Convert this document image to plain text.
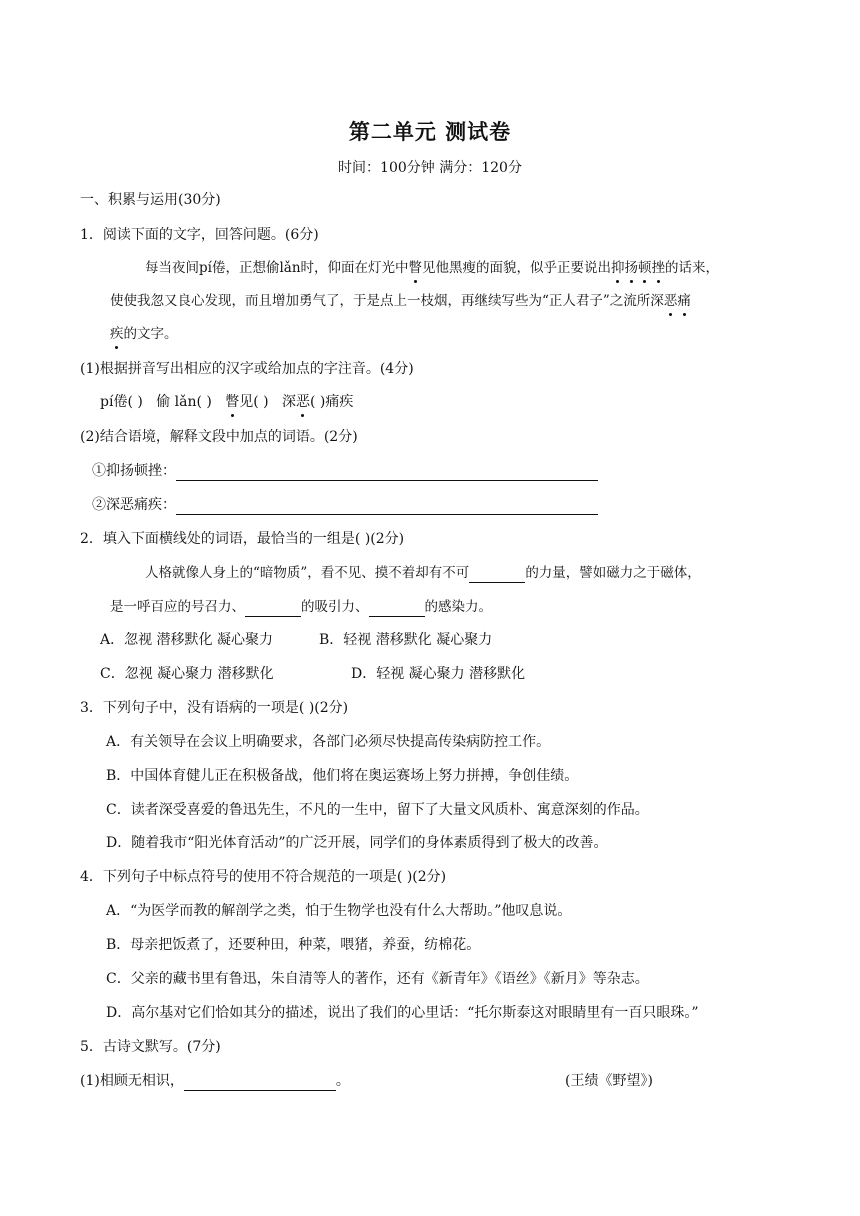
第二单元 测试卷
时间：100分钟 满分：120分
一、积累与运用(30分)
1．阅读下面的文字，回答问题。(6分)
每当夜间pí倦，正想偷lǎn时，仰面在灯光中瞥见他黑瘦的面貌，似乎正要说出抑扬顿挫的话来，
使使我忽又良心发现，而且增加勇气了，于是点上一枝烟，再继续写些为“正人君子”之流所深恶痛
疾的文字。
(1)根据拼音写出相应的汉字或给加点的字注音。(4分)
pí倦( ) 偷 lǎn( ) 瞥见( ) 深恶( )痛疾
(2)结合语境，解释文段中加点的词语。(2分)
①抑扬顿挫：
②深恶痛疾：
2．填入下面横线处的词语，最恰当的一组是( )(2分)
人格就像人身上的“暗物质”，看不见、摸不着却有不可	的力量，譬如磁力之于磁体，
是一呼百应的号召力、	的吸引力、	的感染力。
A．忽视 潜移默化 凝心聚力	B．轻视 潜移默化 凝心聚力
C．忽视 凝心聚力 潜移默化	D．轻视 凝心聚力 潜移默化
3．下列句子中，没有语病的一项是( )(2分)
A．有关领导在会议上明确要求，各部门必须尽快提高传染病防控工作。
B．中国体育健儿正在积极备战，他们将在奥运赛场上努力拼搏，争创佳绩。
C．读者深受喜爱的鲁迅先生，不凡的一生中，留下了大量文风质朴、寓意深刻的作品。
D．随着我市“阳光体育活动”的广泛开展，同学们的身体素质得到了极大的改善。
4．下列句子中标点符号的使用不符合规范的一项是( )(2分)
A．“为医学而教的解剖学之类，怕于生物学也没有什么大帮助。”他叹息说。
B．母亲把饭煮了，还要种田，种菜，喂猪，养蚕，纺棉花。
C．父亲的藏书里有鲁迅，朱自清等人的著作，还有《新青年》《语丝》《新月》等杂志。
D．高尔基对它们恰如其分的描述，说出了我们的心里话：“托尔斯泰这对眼睛里有一百只眼珠。”
5．古诗文默写。(7分)
(1)相顾无相识，	。	(王绩《野望》)
